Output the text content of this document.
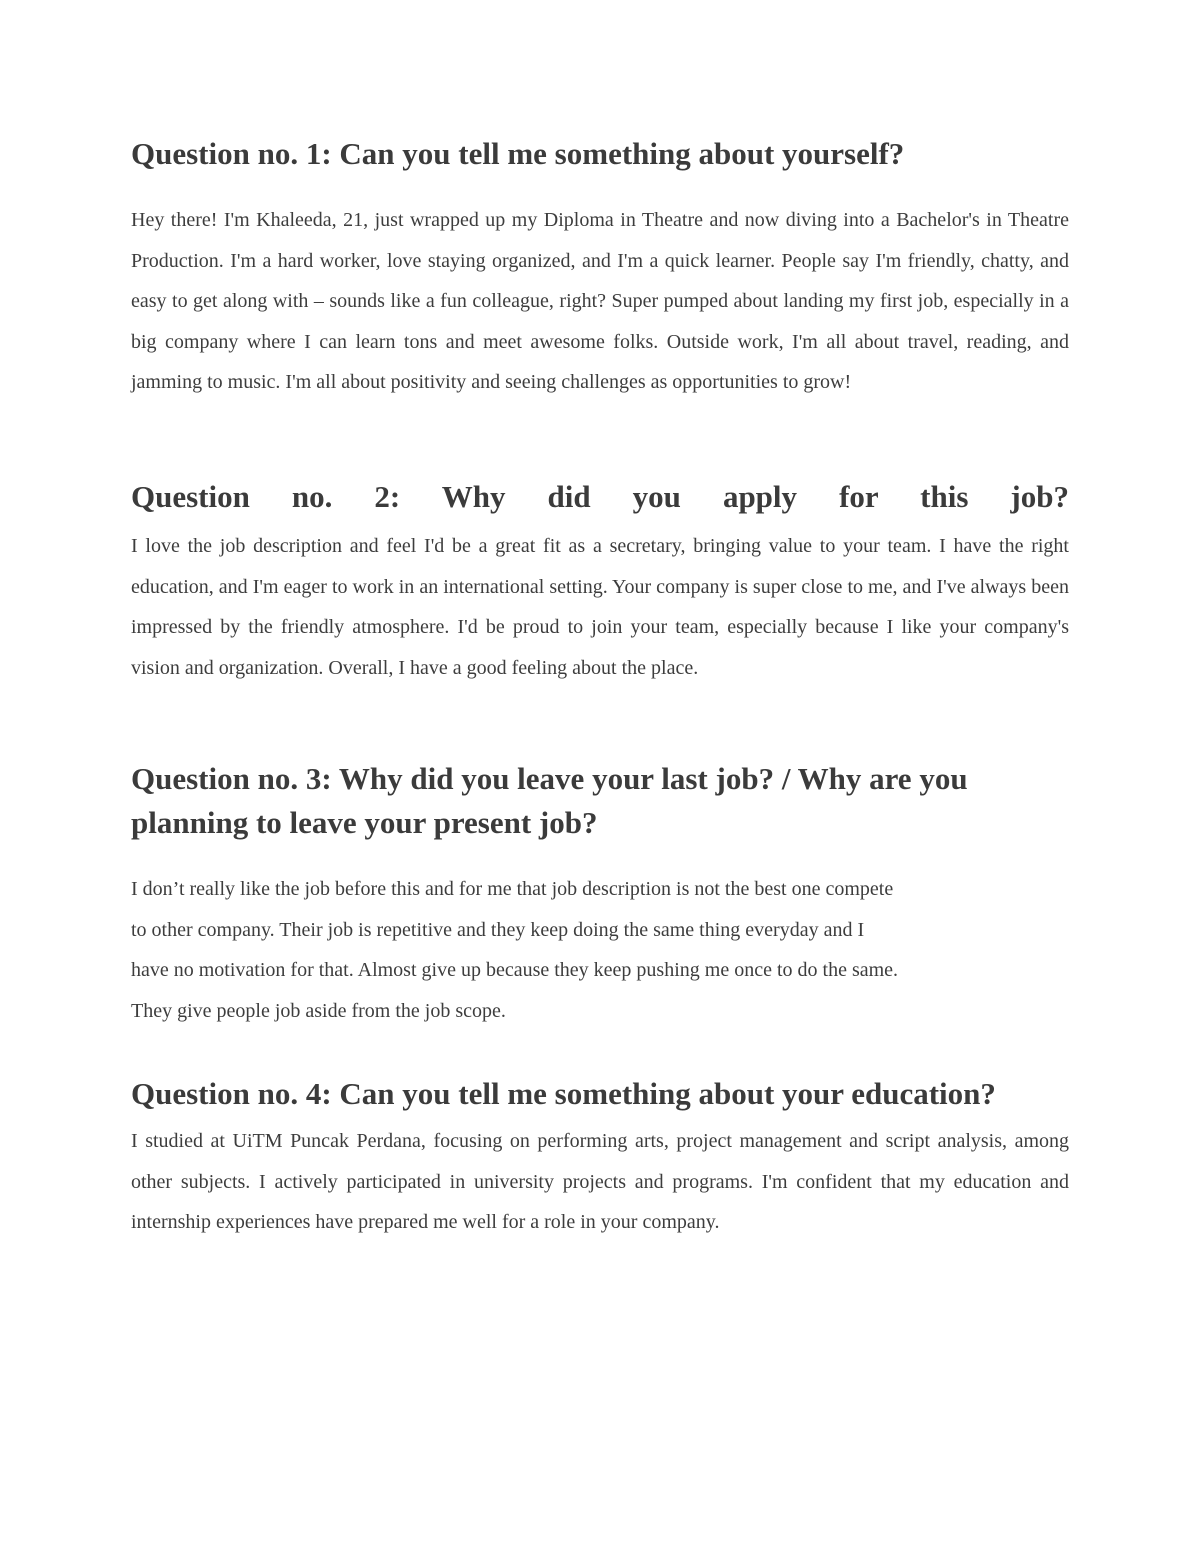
Question no. 1: Can you tell me something about yourself?

Hey there! I'm Khaleeda, 21, just wrapped up my Diploma in Theatre and now diving into a Bachelor's in Theatre Production. I'm a hard worker, love staying organized, and I'm a quick learner. People say I'm friendly, chatty, and easy to get along with – sounds like a fun colleague, right? Super pumped about landing my first job, especially in a big company where I can learn tons and meet awesome folks. Outside work, I'm all about travel, reading, and jamming to music. I'm all about positivity and seeing challenges as opportunities to grow!

Question no. 2: Why did you apply for this job?

I love the job description and feel I'd be a great fit as a secretary, bringing value to your team. I have the right education, and I'm eager to work in an international setting. Your company is super close to me, and I've always been impressed by the friendly atmosphere. I'd be proud to join your team, especially because I like your company's vision and organization. Overall, I have a good feeling about the place.

Question no. 3: Why did you leave your last job? / Why are you
planning to leave your present job?

I don’t really like the job before this and for me that job description is not the best one compete
to other company. Their job is repetitive and they keep doing the same thing everyday and I
have no motivation for that. Almost give up because they keep pushing me once to do the same.
They give people job aside from the job scope.

Question no. 4: Can you tell me something about your education?

I studied at UiTM Puncak Perdana, focusing on performing arts, project management and script analysis, among other subjects. I actively participated in university projects and programs. I'm confident that my education and internship experiences have prepared me well for a role in your company.
